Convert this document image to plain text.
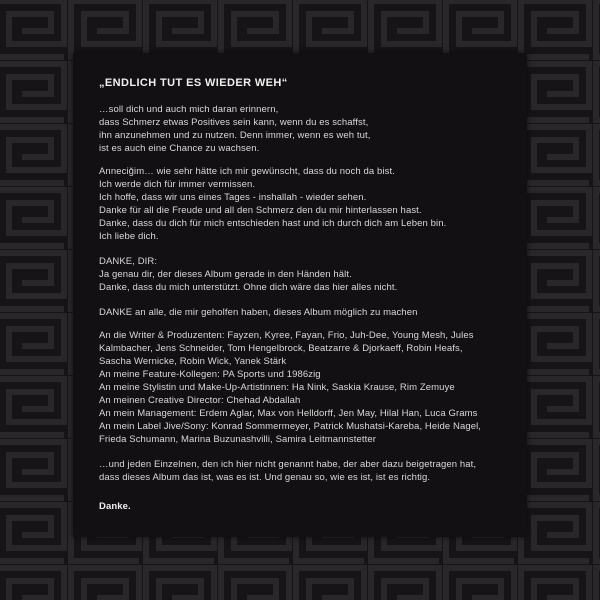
„ENDLICH TUT ES WIEDER WEH“
…soll dich und auch mich daran erinnern,
dass Schmerz etwas Positives sein kann, wenn du es schaffst,
ihn anzunehmen und zu nutzen. Denn immer, wenn es weh tut,
ist es auch eine Chance zu wachsen.
Anneciğim… wie sehr hätte ich mir gewünscht, dass du noch da bist.
Ich werde dich für immer vermissen.
Ich hoffe, dass wir uns eines Tages - inshallah - wieder sehen.
Danke für all die Freude und all den Schmerz den du mir hinterlassen hast.
Danke, dass du dich für mich entschieden hast und ich durch dich am Leben bin.
Ich liebe dich.
DANKE, DIR:
Ja genau dir, der dieses Album gerade in den Händen hält.
Danke, dass du mich unterstützt. Ohne dich wäre das hier alles nicht.
DANKE an alle, die mir geholfen haben, dieses Album möglich zu machen
An die Writer & Produzenten: Fayzen, Kyree, Fayan, Frio, Juh-Dee, Young Mesh, Jules
Kalmbacher, Jens Schneider, Tom Hengelbrock, Beatzarre & Djorkaeff, Robin Heafs,
Sascha Wernicke, Robin Wick, Yanek Stärk
An meine Feature-Kollegen: PA Sports und 1986zig
An meine Stylistin und Make-Up-Artistinnen: Ha Nink, Saskia Krause, Rim Zemuye
An meinen Creative Director: Chehad Abdallah
An mein Management: Erdem Aglar, Max von Helldorff, Jen May, Hilal Han, Luca Grams
An mein Label Jive/Sony: Konrad Sommermeyer, Patrick Mushatsi-Kareba, Heide Nagel,
Frieda Schumann, Marina Buzunashvilli, Samira Leitmannstetter
…und jeden Einzelnen, den ich hier nicht genannt habe, der aber dazu beigetragen hat,
dass dieses Album das ist, was es ist. Und genau so, wie es ist, ist es richtig.
Danke.
